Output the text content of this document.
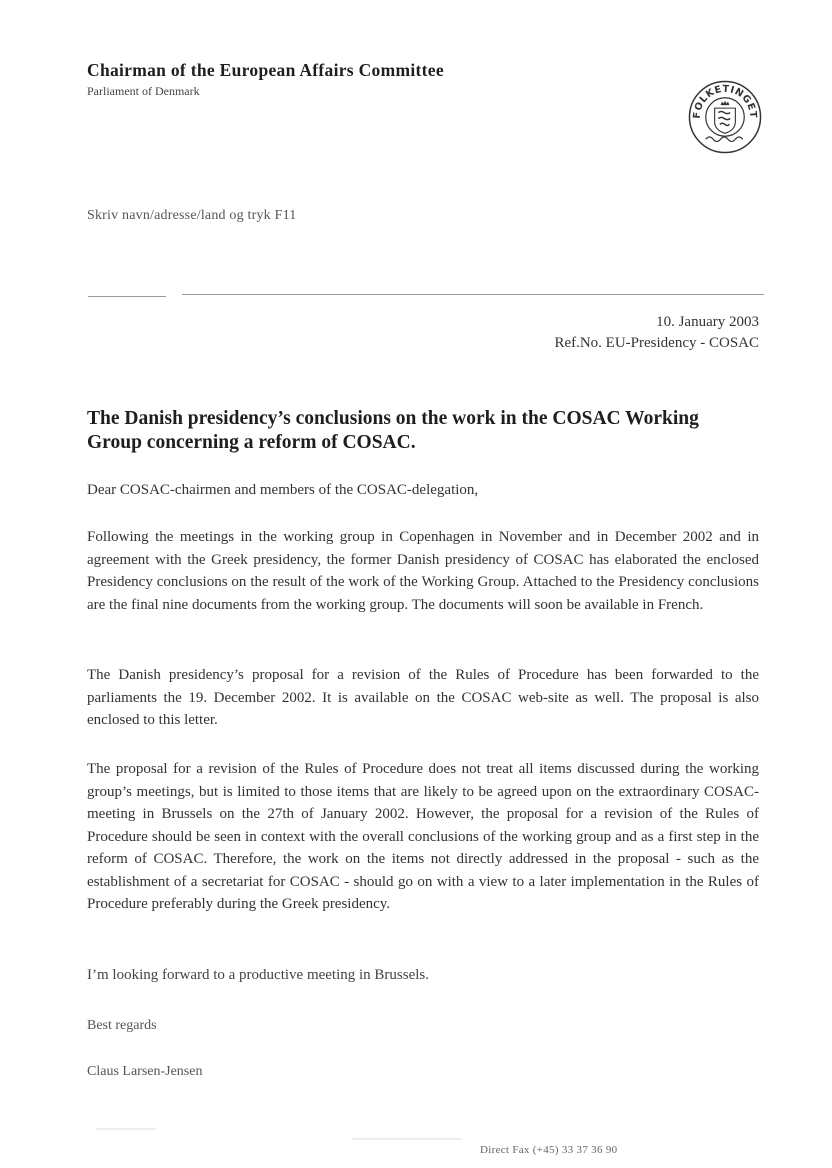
Chairman of the European Affairs Committee
Parliament of Denmark
FOLKETINGET
Skriv navn/adresse/land og tryk F11
10. January 2003
Ref.No. EU-Presidency - COSAC
The Danish presidency’s conclusions on the work in the COSAC Working Group concerning a reform of COSAC.
Dear COSAC-chairmen and members of the COSAC-delegation,
Following the meetings in the working group in Copenhagen in November and in December 2002 and in agreement with the Greek presidency, the former Danish presidency of COSAC has elaborated the enclosed Presidency conclusions on the result of the work of the Working Group. Attached to the Presidency conclusions are the final nine documents from the working group. The documents will soon be available in French.
The Danish presidency’s proposal for a revision of the Rules of Procedure has been forwarded to the parliaments the 19. December 2002. It is available on the COSAC web-site as well. The proposal is also enclosed to this letter.
The proposal for a revision of the Rules of Procedure does not treat all items discussed during the working group’s meetings, but is limited to those items that are likely to be agreed upon on the extraordinary COSAC-meeting in Brussels on the 27th of January 2002. However, the proposal for a revision of the Rules of Procedure should be seen in context with the overall conclusions of the working group and as a first step in the reform of COSAC. Therefore, the work on the items not directly addressed in the proposal - such as the establishment of a secretariat for COSAC - should go on with a view to a later implementation in the Rules of Procedure preferably during the Greek presidency.
I’m looking forward to a productive meeting in Brussels.
Best regards
Claus Larsen-Jensen
Direct Fax (+45) 33 37 36 90
